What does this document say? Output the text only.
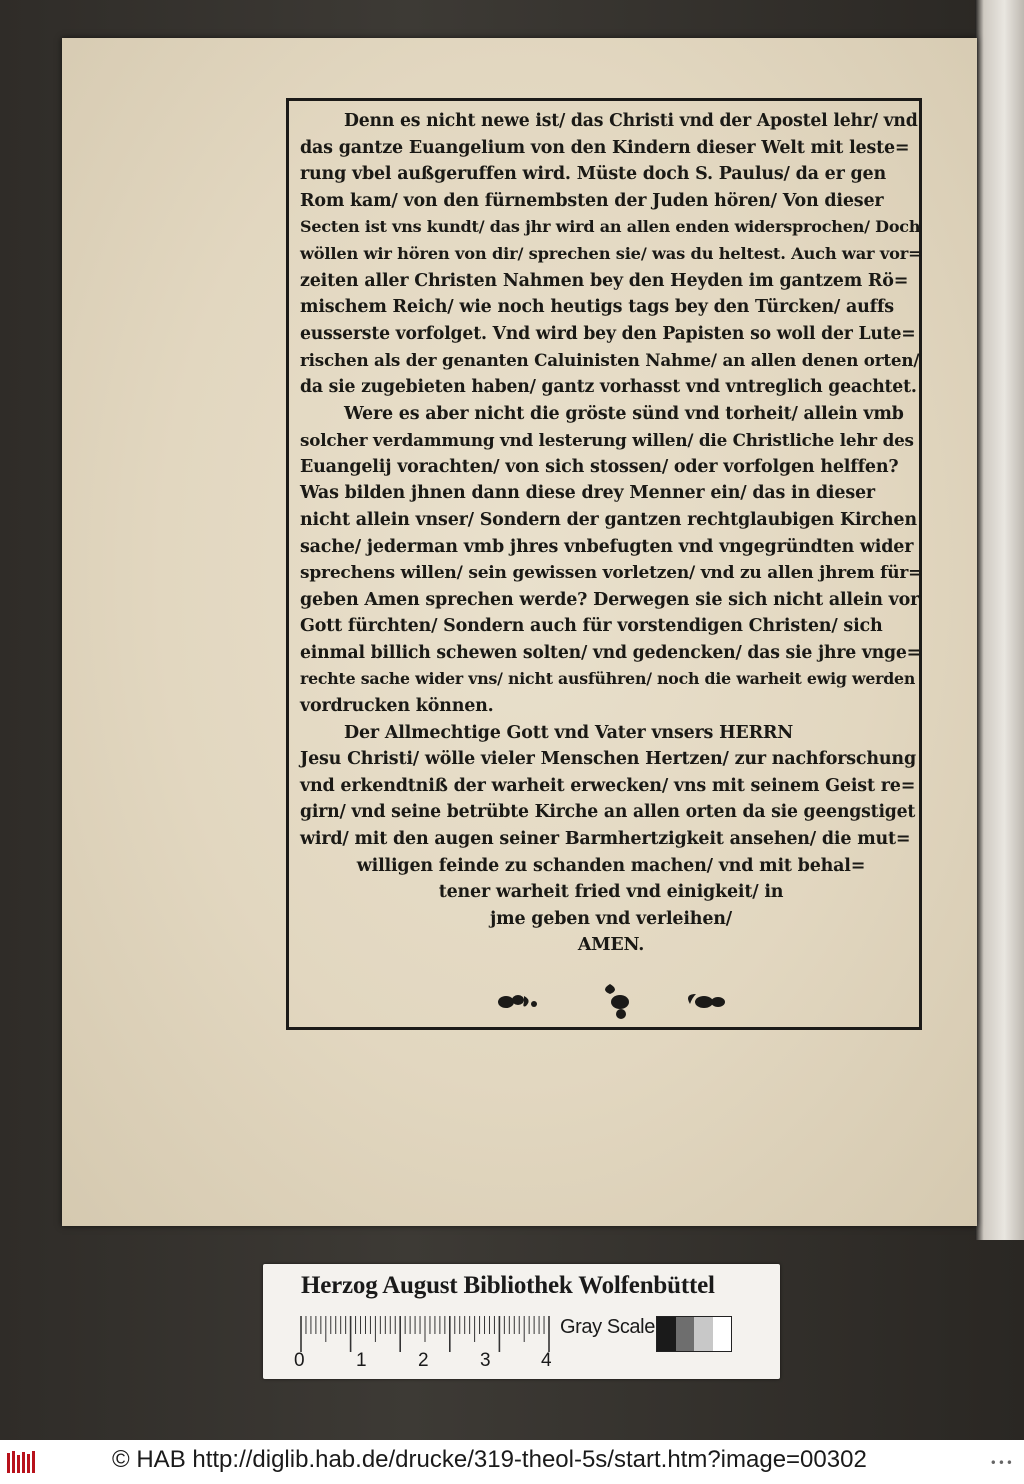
Denn es nicht newe ist/ das Christi vnd der Apostel lehr/ vnd
das gantze Euangelium von den Kindern dieser Welt mit leste=
rung vbel außgeruffen wird. Müste doch S. Paulus/ da er gen
Rom kam/ von den fürnembsten der Juden hören/ Von dieser
Secten ist vns kundt/ das jhr wird an allen enden widersprochen/ Doch
wöllen wir hören von dir/ sprechen sie/ was du heltest. Auch war vor=
zeiten aller Christen Nahmen bey den Heyden im gantzem Rö=
mischem Reich/ wie noch heutigs tags bey den Türcken/ auffs
eusserste vorfolget. Vnd wird bey den Papisten so woll der Lute=
rischen als der genanten Caluinisten Nahme/ an allen denen orten/
da sie zugebieten haben/ gantz vorhasst vnd vntreglich geachtet.
Were es aber nicht die gröste sünd vnd torheit/ allein vmb
solcher verdammung vnd lesterung willen/ die Christliche lehr des
Euangelij vorachten/ von sich stossen/ oder vorfolgen helffen?
Was bilden jhnen dann diese drey Menner ein/ das in dieser
nicht allein vnser/ Sondern der gantzen rechtglaubigen Kirchen
sache/ jederman vmb jhres vnbefugten vnd vngegründten wider
sprechens willen/ sein gewissen vorletzen/ vnd zu allen jhrem für=
geben Amen sprechen werde? Derwegen sie sich nicht allein vor
Gott fürchten/ Sondern auch für vorstendigen Christen/ sich
einmal billich schewen solten/ vnd gedencken/ das sie jhre vnge=
rechte sache wider vns/ nicht ausführen/ noch die warheit ewig werden
vordrucken können.
Der Allmechtige Gott vnd Vater vnsers HERRN
Jesu Christi/ wölle vieler Menschen Hertzen/ zur nachforschung
vnd erkendtniß der warheit erwecken/ vns mit seinem Geist re=
girn/ vnd seine betrübte Kirche an allen orten da sie geengstiget
wird/ mit den augen seiner Barmhertzigkeit ansehen/ die mut=
willigen feinde zu schanden machen/ vnd mit behal=
tener warheit fried vnd einigkeit/ in
jme geben vnd verleihen/
AMEN.
Herzog August Bibliothek Wolfenbüttel
0	1	2	3	4
Gray Scale
© HAB http://diglib.hab.de/drucke/319-theol-5s/start.htm?image=00302	•••
